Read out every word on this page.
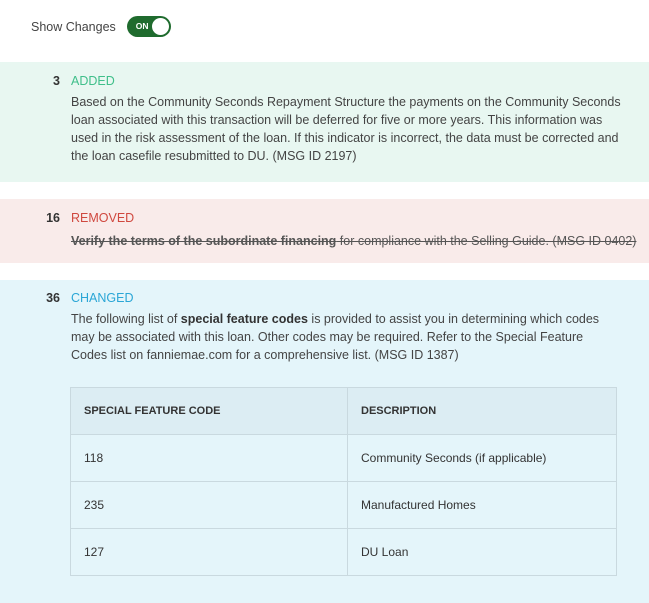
Show Changes	ON
3 ADDED

Based on the Community Seconds Repayment Structure the payments on the Community Seconds loan associated with this transaction will be deferred for five or more years. This information was used in the risk assessment of the loan. If this indicator is incorrect, the data must be corrected and the loan casefile resubmitted to DU. (MSG ID 2197)

16 REMOVED

Verify the terms of the subordinate financing for compliance with the Selling Guide. (MSG ID 0402)

36 CHANGED

The following list of special feature codes is provided to assist you in determining which codes may be associated with this loan. Other codes may be required. Refer to the Special Feature Codes list on fanniemae.com for a comprehensive list. (MSG ID 1387)

SPECIAL FEATURE CODE	DESCRIPTION
118	Community Seconds (if applicable)
235	Manufactured Homes
127	DU Loan
